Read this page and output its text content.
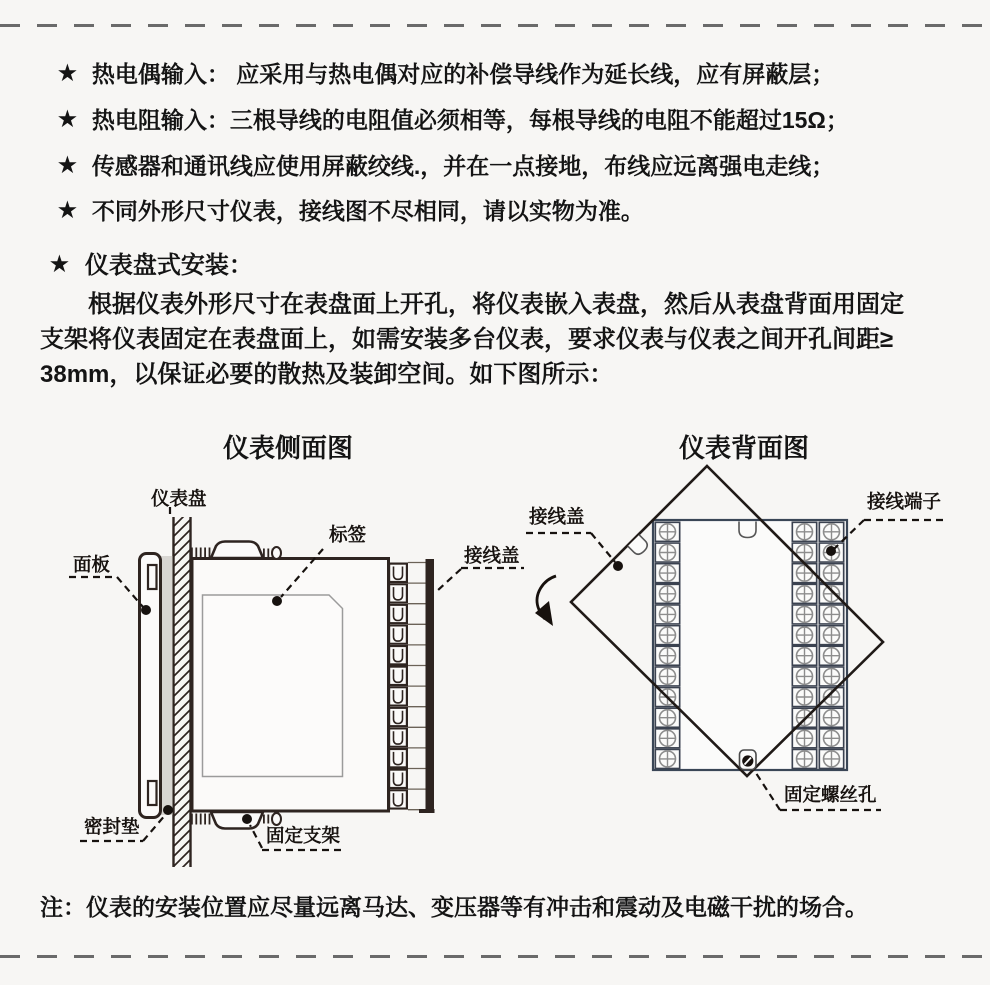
★ 热电偶输入： 应采用与热电偶对应的补偿导线作为延长线，应有屏蔽层；
★ 热电阻输入：三根导线的电阻值必须相等，每根导线的电阻不能超过15Ω；
★ 传感器和通讯线应使用屏蔽绞线.，并在一点接地，布线应远离强电走线；
★ 不同外形尺寸仪表，接线图不尽相同，请以实物为准。
★ 仪表盘式安装：
根据仪表外形尺寸在表盘面上开孔，将仪表嵌入表盘，然后从表盘背面用固定
支架将仪表固定在表盘面上，如需安装多台仪表，要求仪表与仪表之间开孔间距≥
38mm，以保证必要的散热及装卸空间。如下图所示：
仪表侧面图	仪表背面图
仪表盘
标签
面板	接线盖
密封垫	固定支架
接线盖
接线端子
固定螺丝孔
注：仪表的安装位置应尽量远离马达、变压器等有冲击和震动及电磁干扰的场合。
